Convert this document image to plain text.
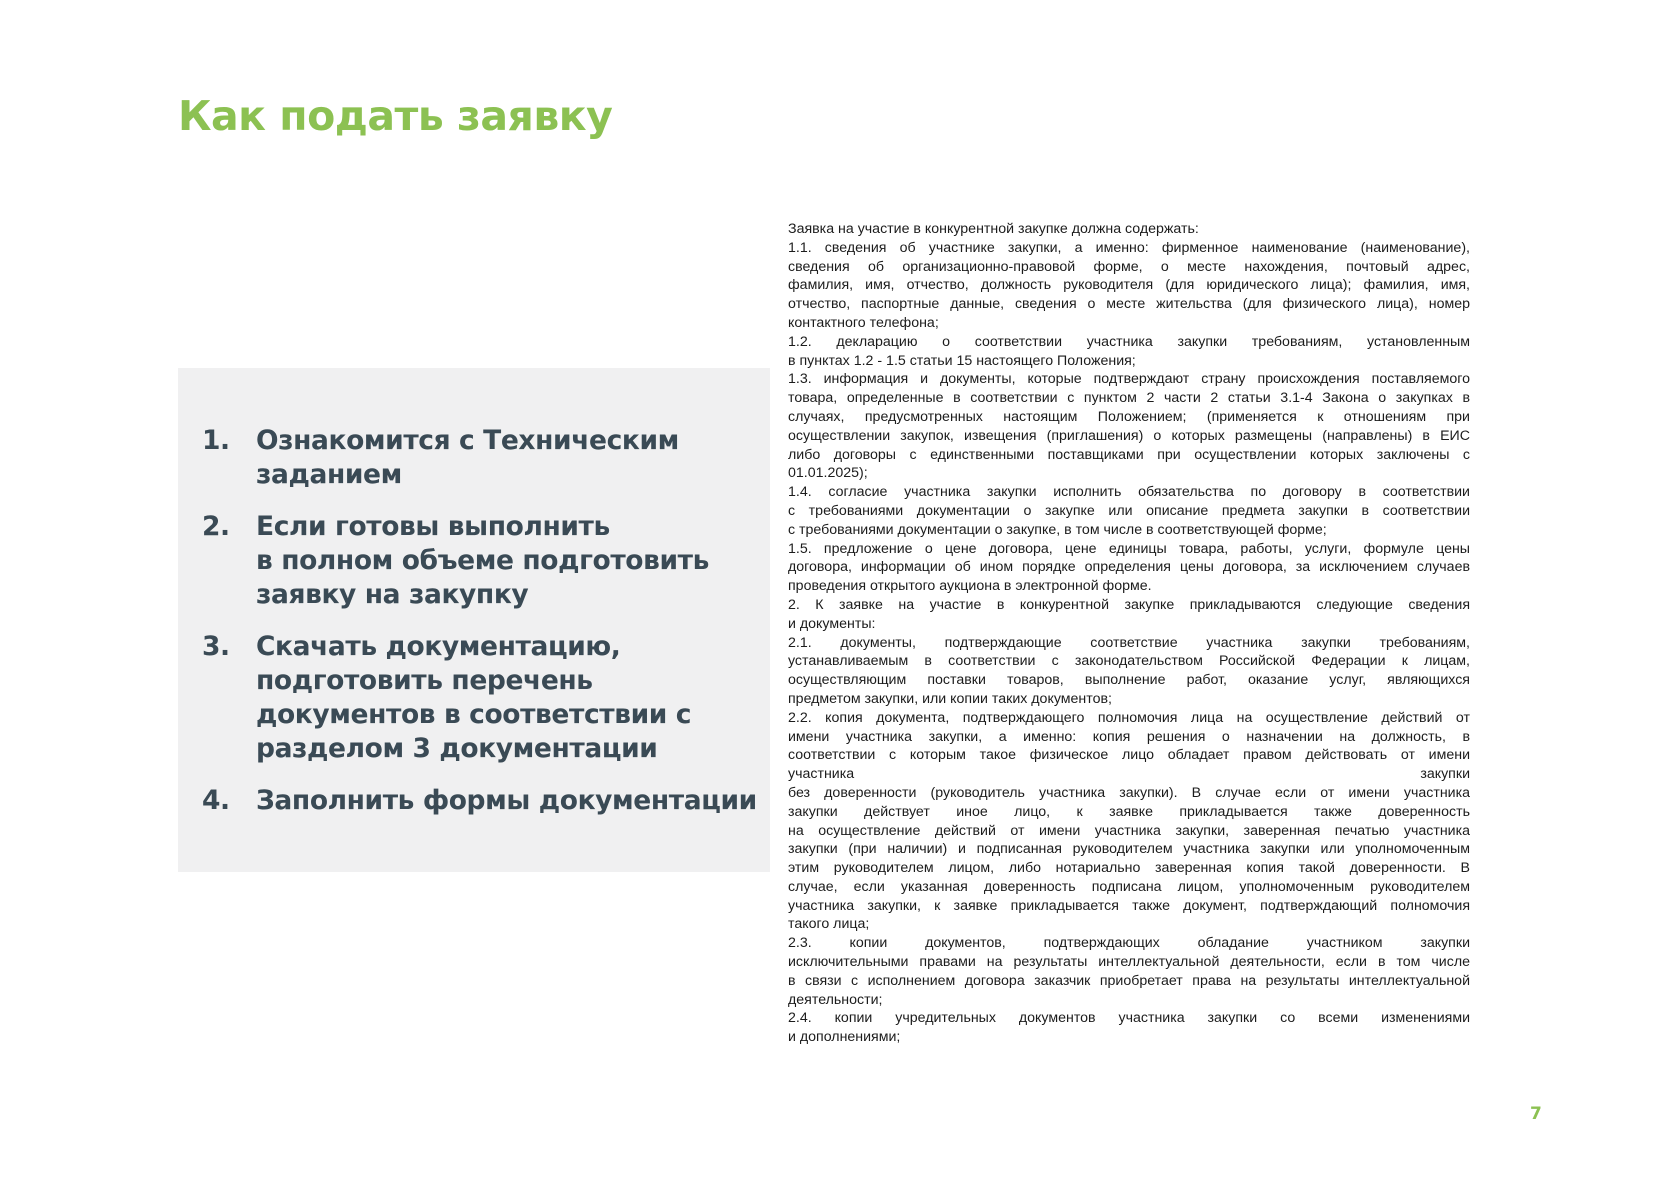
Как подать заявку
1. Ознакомится с Техническим
заданием
2. Если готовы выполнить
в полном объеме подготовить
заявку на закупку
3. Скачать документацию,
подготовить перечень
документов в соответствии с
разделом 3 документации
4. Заполнить формы документации
Заявка на участие в конкурентной закупке должна содержать:
1.1. сведения об участнике закупки, а именно: фирменное наименование (наименование),
сведения об организационно-правовой форме, о месте нахождения, почтовый адрес,
фамилия, имя, отчество, должность руководителя (для юридического лица); фамилия, имя,
отчество, паспортные данные, сведения о месте жительства (для физического лица), номер
контактного телефона;
1.2. декларацию о соответствии участника закупки требованиям, установленным
в пунктах 1.2 - 1.5 статьи 15 настоящего Положения;
1.3. информация и документы, которые подтверждают страну происхождения поставляемого
товара, определенные в соответствии с пунктом 2 части 2 статьи 3.1-4 Закона о закупках в
случаях, предусмотренных настоящим Положением; (применяется к отношениям при
осуществлении закупок, извещения (приглашения) о которых размещены (направлены) в ЕИС
либо договоры с единственными поставщиками при осуществлении которых заключены с
01.01.2025);
1.4. согласие участника закупки исполнить обязательства по договору в соответствии
с требованиями документации о закупке или описание предмета закупки в соответствии
с требованиями документации о закупке, в том числе в соответствующей форме;
1.5. предложение о цене договора, цене единицы товара, работы, услуги, формуле цены
договора, информации об ином порядке определения цены договора, за исключением случаев
проведения открытого аукциона в электронной форме.
2. К заявке на участие в конкурентной закупке прикладываются следующие сведения
и документы:
2.1. документы, подтверждающие соответствие участника закупки требованиям,
устанавливаемым в соответствии с законодательством Российской Федерации к лицам,
осуществляющим поставки товаров, выполнение работ, оказание услуг, являющихся
предметом закупки, или копии таких документов;
2.2. копия документа, подтверждающего полномочия лица на осуществление действий от
имени участника закупки, а именно: копия решения о назначении на должность, в
соответствии с которым такое физическое лицо обладает правом действовать от имени
участника закупки
без доверенности (руководитель участника закупки). В случае если от имени участника
закупки действует иное лицо, к заявке прикладывается также доверенность
на осуществление действий от имени участника закупки, заверенная печатью участника
закупки (при наличии) и подписанная руководителем участника закупки или уполномоченным
этим руководителем лицом, либо нотариально заверенная копия такой доверенности. В
случае, если указанная доверенность подписана лицом, уполномоченным руководителем
участника закупки, к заявке прикладывается также документ, подтверждающий полномочия
такого лица;
2.3. копии документов, подтверждающих обладание участником закупки
исключительными правами на результаты интеллектуальной деятельности, если в том числе
в связи с исполнением договора заказчик приобретает права на результаты интеллектуальной
деятельности;
2.4. копии учредительных документов участника закупки со всеми изменениями
и дополнениями;
7
